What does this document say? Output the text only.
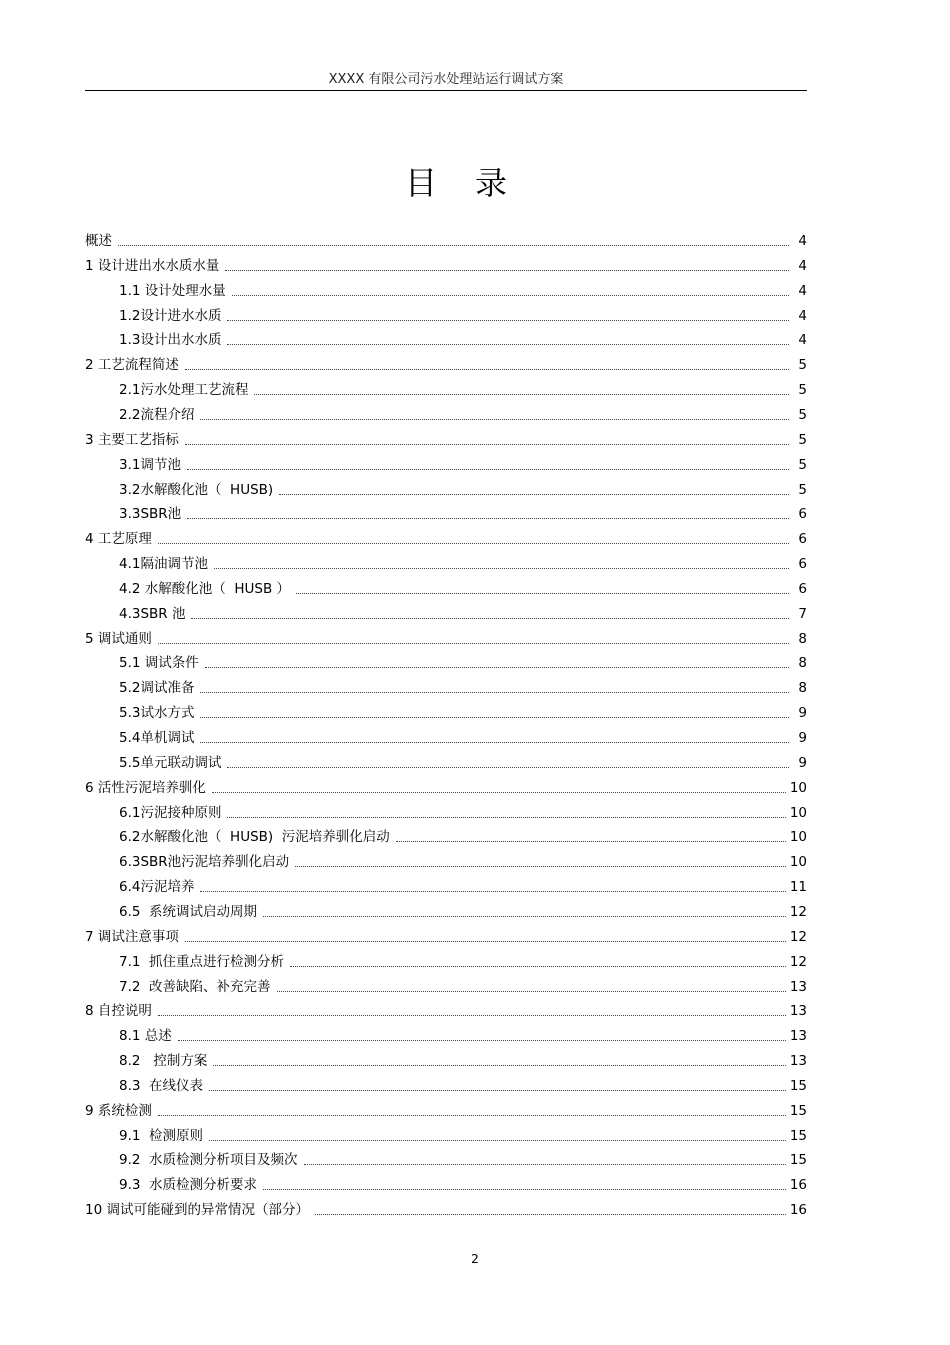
XXXX 有限公司污水处理站运行调试方案
目录
概述	4
1 设计进出水水质水量	4
1.1 设计处理水量	4
1.2设计进水水质	4
1.3设计出水水质	4
2 工艺流程简述	5
2.1污水处理工艺流程	5
2.2流程介绍	5
3 主要工艺指标	5
3.1调节池	5
3.2水解酸化池（  HUSB)	5
3.3SBR池	6
4 工艺原理	6
4.1隔油调节池	6
4.2 水解酸化池（  HUSB ）	6
4.3SBR 池	7
5 调试通则	8
5.1 调试条件	8
5.2调试准备	8
5.3试水方式	9
5.4单机调试	9
5.5单元联动调试	9
6 活性污泥培养驯化	10
6.1污泥接种原则	10
6.2水解酸化池（  HUSB)  污泥培养驯化启动	10
6.3SBR池污泥培养驯化启动	10
6.4污泥培养	11
6.5  系统调试启动周期	12
7 调试注意事项	12
7.1  抓住重点进行检测分析	12
7.2  改善缺陷、补充完善	13
8 自控说明	13
8.1 总述	13
8.2   控制方案	13
8.3  在线仪表	15
9 系统检测	15
9.1  检测原则	15
9.2  水质检测分析项目及频次	15
9.3  水质检测分析要求	16
10 调试可能碰到的异常情况（部分）	16
2
